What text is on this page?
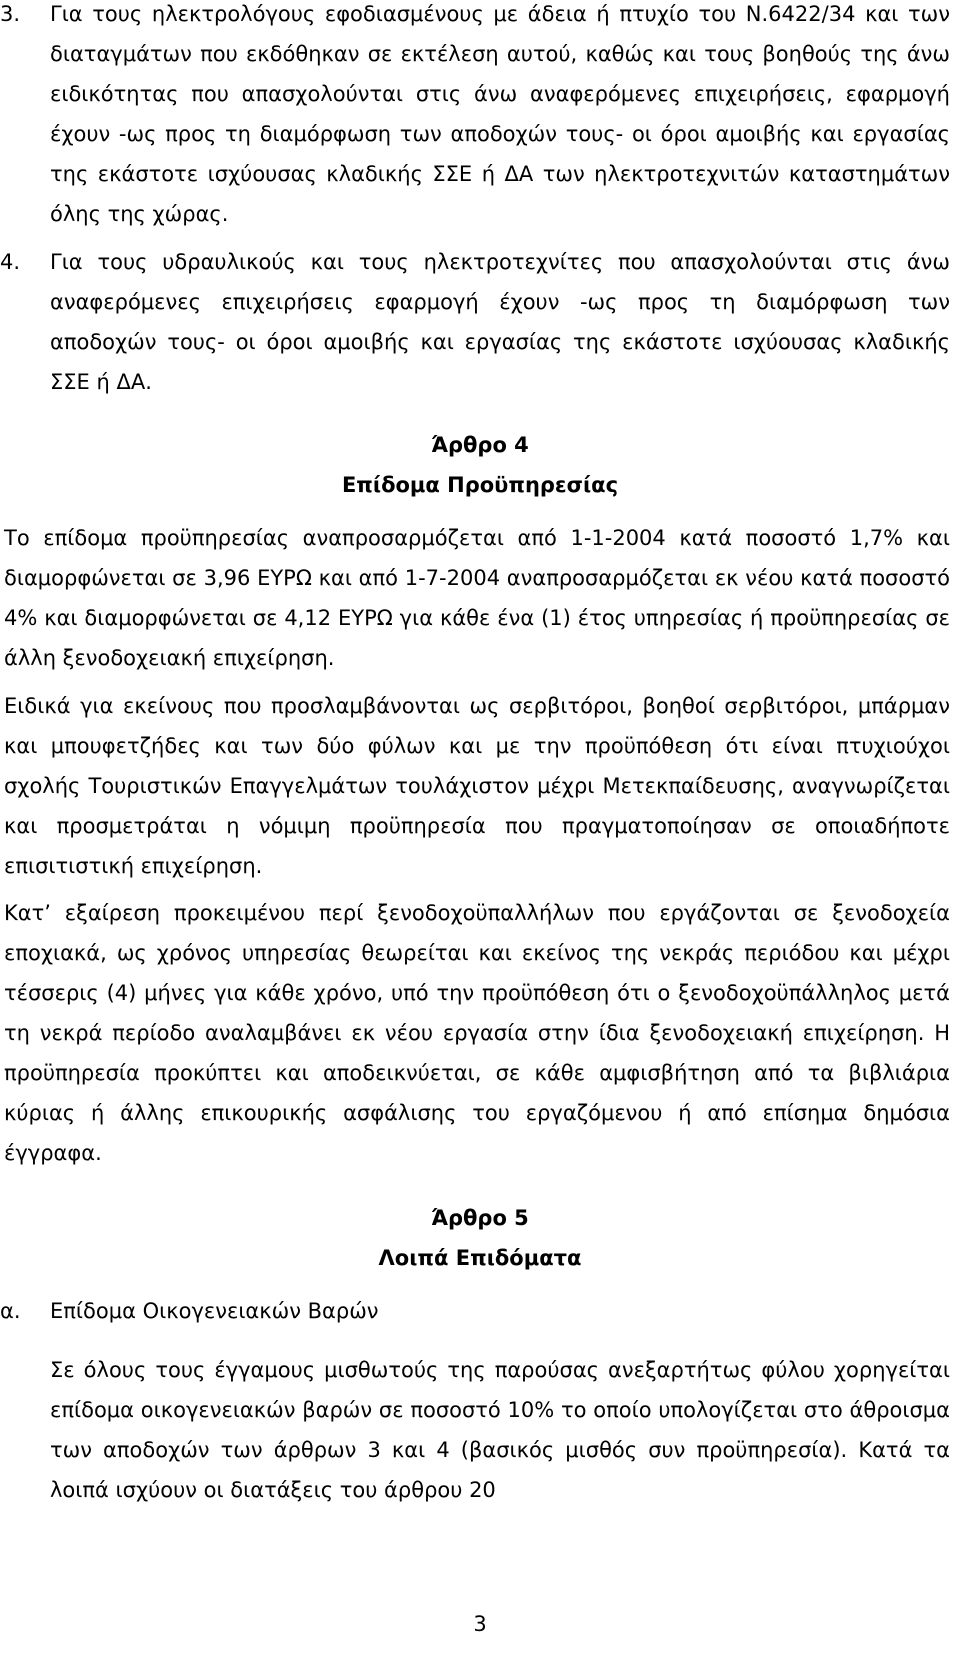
3.	Για τους ηλεκτρολόγους εφοδιασμένους με άδεια ή πτυχίο του Ν.6422/34 και των διαταγμάτων που εκδόθηκαν σε εκτέλεση αυτού, καθώς και τους βοηθούς της άνω ειδικότητας που απασχολούνται στις άνω αναφερόμενες επιχειρήσεις, εφαρμογή έχουν -ως προς τη διαμόρφωση των αποδοχών τους- οι όροι αμοιβής και εργασίας της εκάστοτε ισχύουσας κλαδικής ΣΣΕ ή ΔΑ των ηλεκτροτεχνιτών καταστημάτων όλης της χώρας.
4.	Για τους υδραυλικούς και τους ηλεκτροτεχνίτες που απασχολούνται στις άνω αναφερόμενες επιχειρήσεις εφαρμογή έχουν -ως προς τη διαμόρφωση των αποδοχών τους- οι όροι αμοιβής και εργασίας της εκάστοτε ισχύουσας κλαδικής ΣΣΕ ή ΔΑ.
Άρθρο 4
Επίδομα Προϋπηρεσίας
Το επίδομα προϋπηρεσίας αναπροσαρμόζεται από 1-1-2004 κατά ποσοστό 1,7% και διαμορφώνεται σε 3,96 ΕΥΡΩ και από 1-7-2004 αναπροσαρμόζεται εκ νέου κατά ποσοστό 4% και διαμορφώνεται σε 4,12 ΕΥΡΩ για κάθε ένα (1) έτος υπηρεσίας ή προϋπηρεσίας σε άλλη ξενοδοχειακή επιχείρηση.
Ειδικά για εκείνους που προσλαμβάνονται ως σερβιτόροι, βοηθοί σερβιτόροι, μπάρμαν και μπουφετζήδες και των δύο φύλων και με την προϋπόθεση ότι είναι πτυχιούχοι σχολής Τουριστικών Επαγγελμάτων τουλάχιστον μέχρι Μετεκπαίδευσης, αναγνωρίζεται και προσμετράται η νόμιμη προϋπηρεσία που πραγματοποίησαν σε οποιαδήποτε επισιτιστική επιχείρηση.
Κατ’ εξαίρεση προκειμένου περί ξενοδοχοϋπαλλήλων που εργάζονται σε ξενοδοχεία εποχιακά, ως χρόνος υπηρεσίας θεωρείται και εκείνος της νεκράς περιόδου και μέχρι τέσσερις (4) μήνες για κάθε χρόνο, υπό την προϋπόθεση ότι ο ξενοδοχοϋπάλληλος μετά τη νεκρά περίοδο αναλαμβάνει εκ νέου εργασία στην ίδια ξενοδοχειακή επιχείρηση. Η προϋπηρεσία προκύπτει και αποδεικνύεται, σε κάθε αμφισβήτηση από τα βιβλιάρια κύριας ή άλλης επικουρικής ασφάλισης του εργαζόμενου ή από επίσημα δημόσια έγγραφα.
Άρθρο 5
Λοιπά Επιδόματα
α.	Επίδομα Οικογενειακών Βαρών
Σε όλους τους έγγαμους μισθωτούς της παρούσας ανεξαρτήτως φύλου χορηγείται επίδομα οικογενειακών βαρών σε ποσοστό 10% το οποίο υπολογίζεται στο άθροισμα των αποδοχών των άρθρων 3 και 4 (βασικός μισθός συν προϋπηρεσία). Κατά τα λοιπά ισχύουν οι διατάξεις του άρθρου 20
3
